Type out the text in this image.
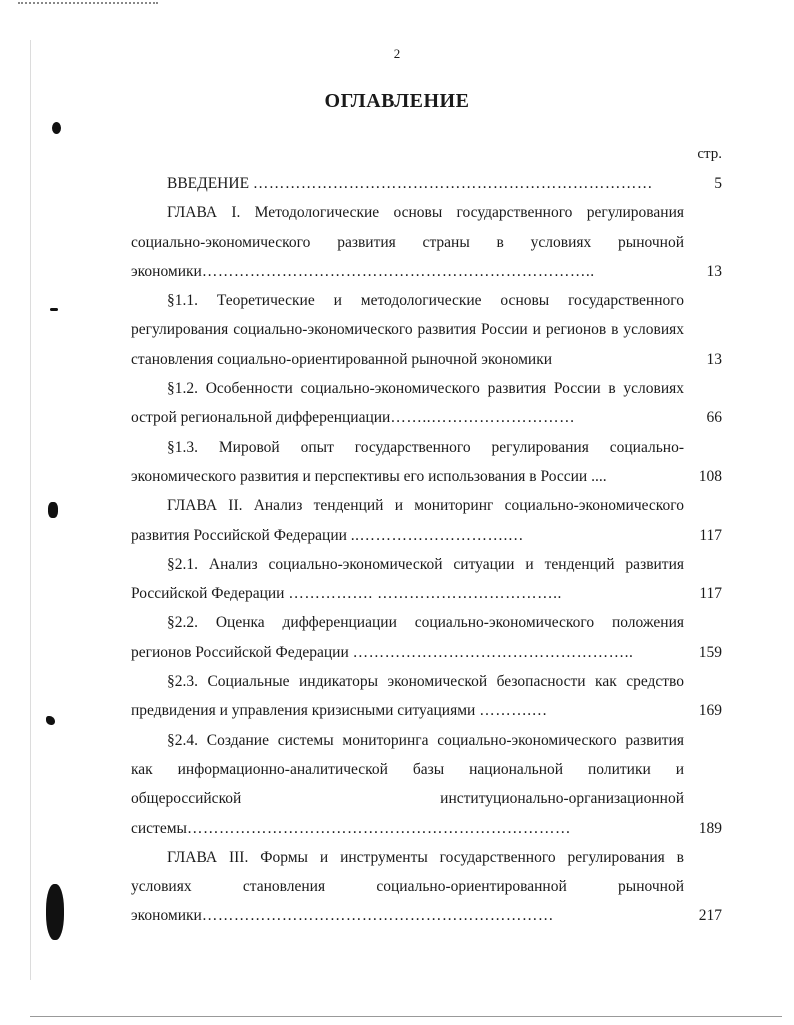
2
ОГЛАВЛЕНИЕ
стр.
ВВЕДЕНИЕ …………………………………………………………………	5
ГЛАВА I. Методологические основы государственного регулирования социально-экономического развития страны в условиях рыночной экономики………………………………………………………………..	13
§1.1. Теоретические и методологические основы государственного регулирования социально-экономического развития России и регионов в условиях становления социально-ориентированной рыночной экономики	13
§1.2. Особенности социально-экономического развития России в условиях острой региональной дифференциации……..………………………	66
§1.3. Мировой опыт государственного регулирования социально-экономического развития и перспективы его использования в России ....	108
ГЛАВА II. Анализ тенденций и мониторинг социально-экономического развития Российской Федерации ..……………………….…	117
§2.1. Анализ социально-экономической ситуации и тенденций развития Российской Федерации ……………. ……………………………..	117
§2.2. Оценка дифференциации социально-экономического положения регионов Российской Федерации ……………………………………………..	159
§2.3. Социальные индикаторы экономической безопасности как средство предвидения и управления кризисными ситуациями ……….…	169
§2.4. Создание системы мониторинга социально-экономического развития как информационно-аналитической базы национальной политики и общероссийской институционально-организационной системы………………………………………………………………	189
ГЛАВА III. Формы и инструменты государственного регулирования в условиях становления социально-ориентированной рыночной экономики…………………………………………………………	217
